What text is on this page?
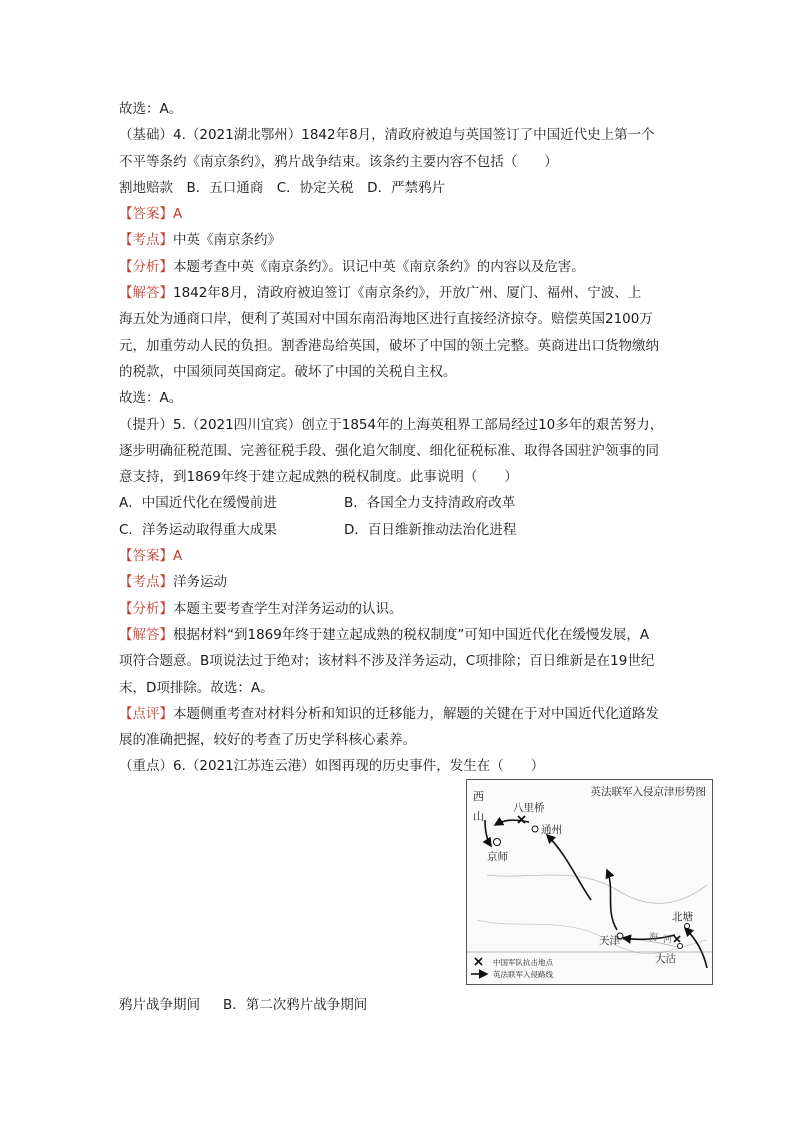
故选：A。
（基础）4.（2021湖北鄂州）1842年8月，清政府被迫与英国签订了中国近代史上第一个
不平等条约《南京条约》，鸦片战争结束。该条约主要内容不包括（　　）
割地赔款　B．五口通商　C．协定关税　D．严禁鸦片
【答案】A
【考点】中英《南京条约》
【分析】本题考查中英《南京条约》。识记中英《南京条约》的内容以及危害。
【解答】1842年8月，清政府被迫签订《南京条约》，开放广州、厦门、福州、宁波、上
海五处为通商口岸，便利了英国对中国东南沿海地区进行直接经济掠夺。赔偿英国2100万
元，加重劳动人民的负担。割香港岛给英国，破坏了中国的领土完整。英商进出口货物缴纳
的税款，中国须同英国商定。破坏了中国的关税自主权。
故选：A。
（提升）5.（2021四川宜宾）创立于1854年的上海英租界工部局经过10多年的艰苦努力，
逐步明确征税范围、完善征税手段、强化追欠制度、细化征税标准、取得各国驻沪领事的同
意支持，到1869年终于建立起成熟的税权制度。此事说明（　　）
A．中国近代化在缓慢前进	B．各国全力支持清政府改革
C．洋务运动取得重大成果	D．百日维新推动法治化进程
【答案】A
【考点】洋务运动
【分析】本题主要考查学生对洋务运动的认识。
【解答】根据材料“到1869年终于建立起成熟的税权制度”可知中国近代化在缓慢发展，A
项符合题意。B项说法过于绝对；该材料不涉及洋务运动，C项排除；百日维新是在19世纪
末，D项排除。故选：A。
【点评】本题侧重考查对材料分析和知识的迁移能力，解题的关键在于对中国近代化道路发
展的准确把握，较好的考查了历史学科核心素养。
（重点）6.（2021江苏连云港）如图再现的历史事件，发生在（　　）
英法联军入侵京津形势图
西
山
八里桥
通州
京师
天津	海 河
北塘
大沽
中国军队抗击地点
英法联军入侵路线
鸦片战争期间 B．第二次鸦片战争期间
